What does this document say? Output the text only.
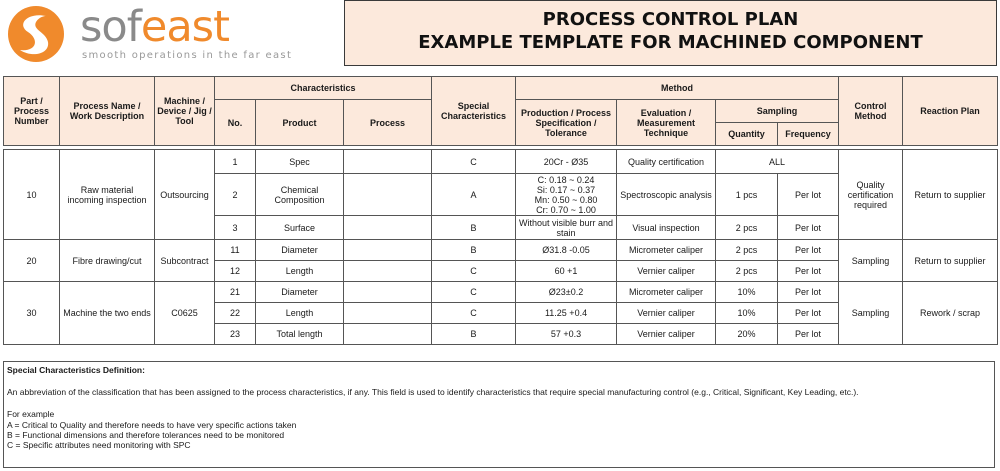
sofeast
smooth operations in the far east
PROCESS CONTROL PLAN
EXAMPLE TEMPLATE FOR MACHINED COMPONENT
Part / Process Number	Process Name / Work Description	Machine / Device / Jig / Tool	Characteristics			Special Characteristics	Method				Control Method	Reaction Plan
			No.	Product	Process		Production / Process Specification / Tolerance	Evaluation / Measurement Technique	Sampling			
									Quantity	Frequency		

10	Raw material incoming inspection	Outsourcing	1	Spec		C	20Cr - Ø35	Quality certification	ALL		Quality certification required	Return to supplier
			2	Chemical Composition		A	C: 0.18 ~ 0.24
Si: 0.17 ~ 0.37
Mn: 0.50 ~ 0.80
Cr: 0.70 ~ 1.00	Spectroscopic analysis	1 pcs	Per lot		
			3	Surface		B	Without visible burr and stain	Visual inspection	2 pcs	Per lot		
20	Fibre drawing/cut	Subcontract	11	Diameter		B	Ø31.8 -0.05	Micrometer caliper	2 pcs	Per lot	Sampling	Return to supplier
			12	Length		C	60 +1	Vernier caliper	2 pcs	Per lot		
30	Machine the two ends	C0625	21	Diameter		C	Ø23±0.2	Micrometer caliper	10%	Per lot	Sampling	Rework / scrap
			22	Length		C	11.25 +0.4	Vernier caliper	10%	Per lot		
			23	Total length		B	57 +0.3	Vernier caliper	20%	Per lot		
Special Characteristics Definition:
An abbreviation of the classification that has been assigned to the process characteristics, if any. This field is used to identify characteristics that require special manufacturing control (e.g., Critical, Significant, Key Leading, etc.).
For example
A = Critical to Quality and therefore needs to have very specific actions taken
B = Functional dimensions and therefore tolerances need to be monitored
C = Specific attributes need monitoring with SPC
